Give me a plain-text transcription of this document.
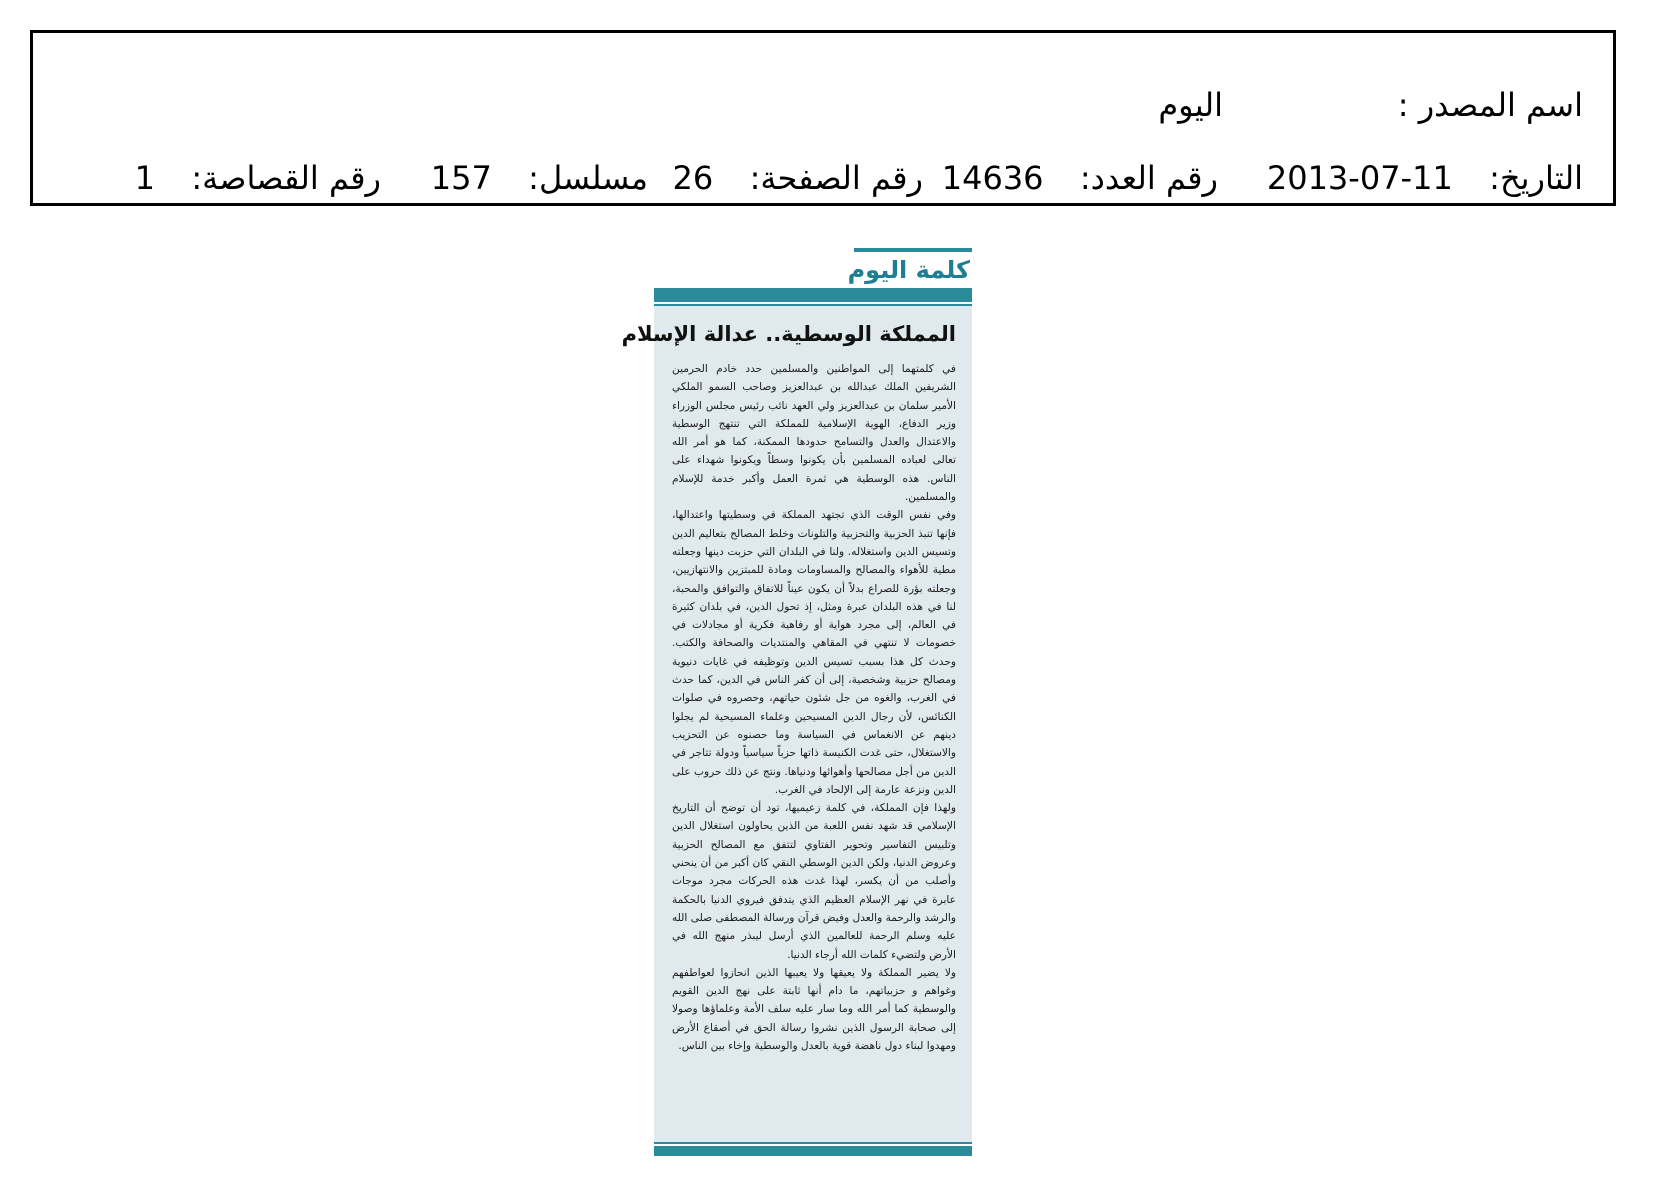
اسم المصدر :
اليوم
التاريخ:  2013-07-11
رقم العدد:  14636
رقم الصفحة:  26
مسلسل:  157
رقم القصاصة:  1
كلمة اليوم
المملكة الوسطية.. عدالة الإسلام

في كلمتهما إلى المواطنين والمسلمين حدد خادم الحرمين الشريفين الملك عبدالله بن عبدالعزيز وصاحب السمو الملكي الأمير سلمان بن عبدالعزيز ولي العهد نائب رئيس مجلس الوزراء وزير الدفاع، الهوية الإسلامية للمملكة التي تنتهج الوسطية والاعتدال والعدل والتسامح حدودها الممكنة، كما هو أمر الله تعالى لعباده المسلمين بأن يكونوا وسطاً ويكونوا شهداء على الناس. هذه الوسطية هي ثمرة العمل وأكبر خدمة للإسلام والمسلمين.

وفي نفس الوقت الذي تجتهد المملكة في وسطيتها واعتدالها، فإنها تنبذ الحزبية والتحزبية والتلونات وخلط المصالح بتعاليم الدين وتسيس الدين واستغلاله. ولنا في البلدان التي حزبت دينها وجعلته مطية للأهواء والمصالح والمساومات ومادة للمبتزين والانتهازيين، وجعلته بؤرة للصراع بدلاً أن يكون عيناً للاتفاق والتوافق والمحبة، لنا في هذه البلدان عبرة ومثل، إذ تحول الدين، في بلدان كثيرة في العالم، إلى مجرد هواية أو رفاهية فكرية أو مجادلات في خصومات لا تنتهي في المقاهي والمنتديات والصحافة والكتب. وحدث كل هذا بسبب تسيس الدين وتوظيفه في غايات دنيوية ومصالح حزبية وشخصية، إلى أن كفر الناس في الدين، كما حدث في الغرب، والغوه من جل شئون حياتهم، وحصروه في صلوات الكنائس، لأن رجال الدين المسيحين وعلماء المسيحية لم يجلوا دينهم عن الانغماس في السياسة وما حصنوه عن التحزيب والاستغلال، حتى غدت الكنيسة ذاتها حزباً سياسياً ودولة تتاجر في الدين من أجل مصالحها وأهوائها ودنياها. ونتج عن ذلك حروب على الدين ونزعة عارمة إلى الإلحاد في الغرب.

ولهذا فإن المملكة، في كلمة زعيميها، تود أن توضح أن التاريخ الإسلامي قد شهد نفس اللعبة من الذين يحاولون استغلال الدين وتلبيس التفاسير وتحوير الفتاوي لتتفق مع المصالح الحزبية وعروض الدنيا، ولكن الدين الوسطي النقي كان أكبر من أن ينحني وأصلب من أن يكسر، لهذا غدت هذه الحركات مجرد موجات عابرة في نهر الإسلام العظيم الذي يتدفق فيروي الدنيا بالحكمة والرشد والرحمة والعدل وفيض قرآن ورسالة المصطفى صلى الله عليه وسلم الرحمة للعالمين الذي أرسل ليبذر منهج الله في الأرض ولتضيء كلمات الله أرجاء الدنيا.

ولا يضير المملكة ولا يعيقها ولا يعيبها الذين انحازوا لعواطفهم وغواهم و حزبياتهم، ما دام أنها ثابتة على نهج الدين القويم والوسطية كما أمر الله وما سار عليه سلف الأمة وعلماؤها وصولا إلى صحابة الرسول الذين نشروا رسالة الحق في أصقاع الأرض ومهدوا لبناء دول ناهضة قوية بالعدل والوسطية وإخاء بين الناس.
